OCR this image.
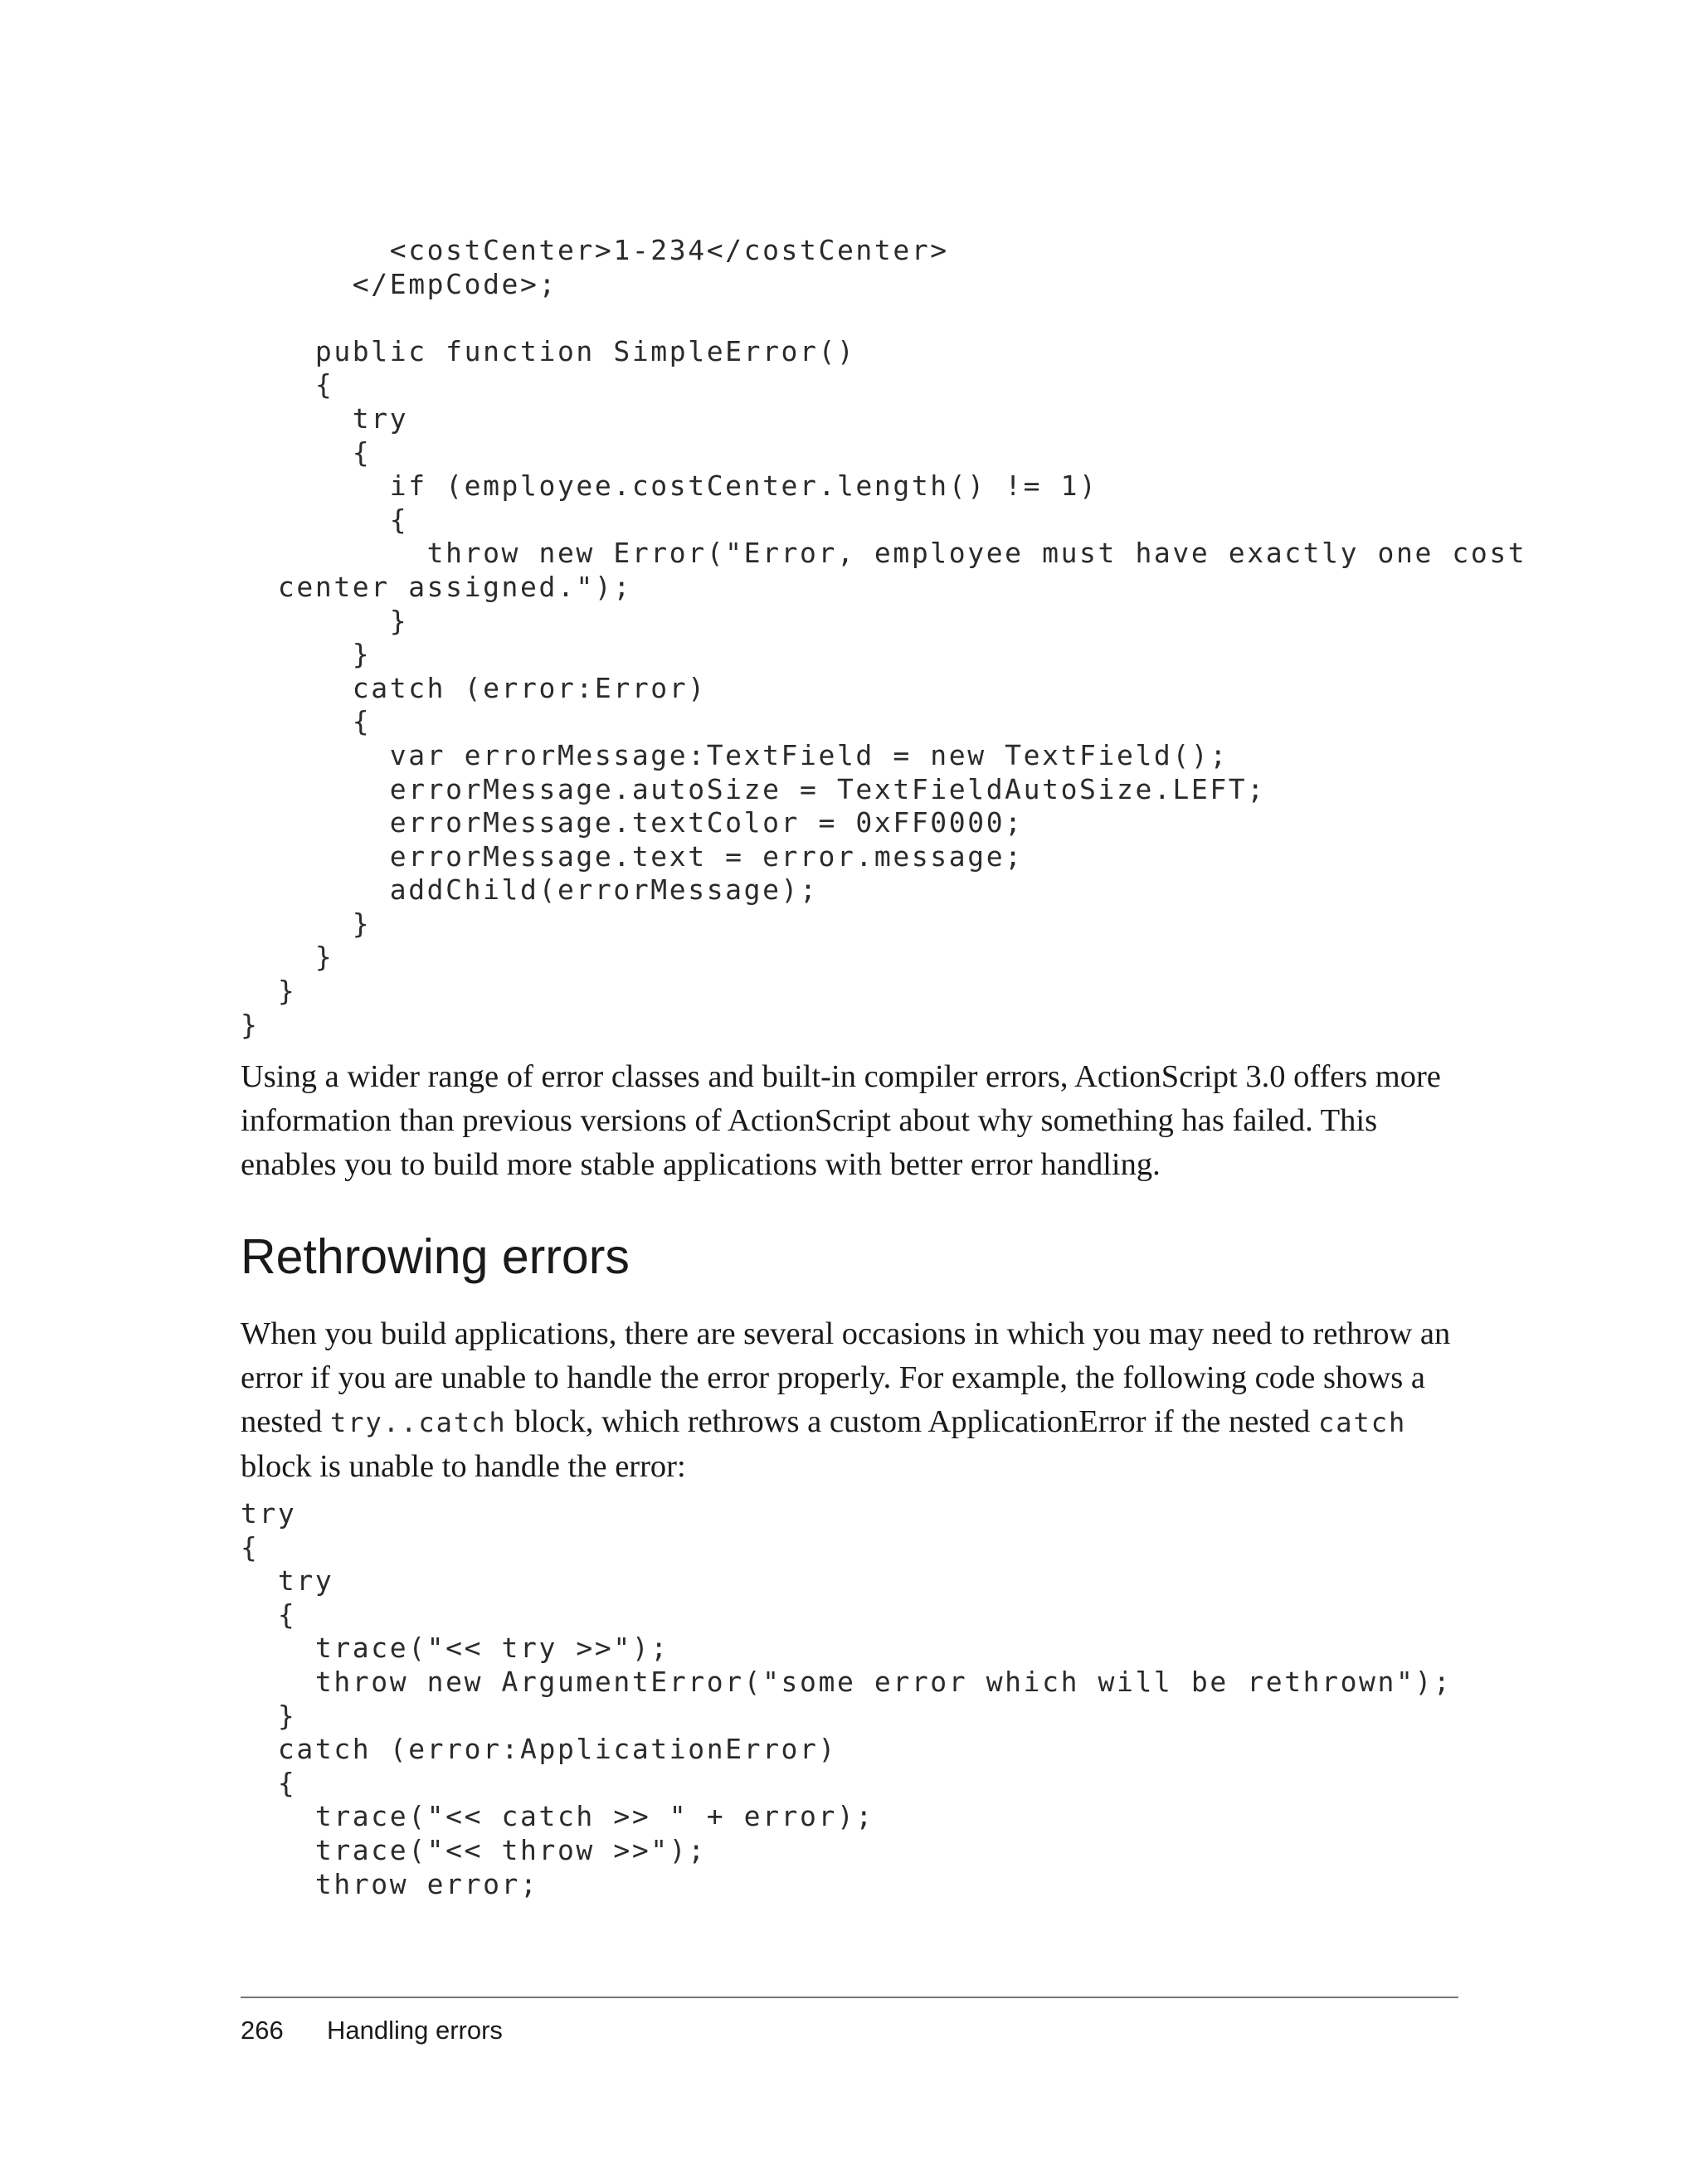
<costCenter>1-234</costCenter>
</EmpCode>;

public function SimpleError()
{
try
{
if (employee.costCenter.length() != 1)
{
throw new Error("Error, employee must have exactly one cost
center assigned.");
}
}
catch (error:Error)
{
var errorMessage:TextField = new TextField();
errorMessage.autoSize = TextFieldAutoSize.LEFT;
errorMessage.textColor = 0xFF0000;
errorMessage.text = error.message;
addChild(errorMessage);
}
}
}
}

Using a wider range of error classes and built-in compiler errors, ActionScript 3.0 offers more information than previous versions of ActionScript about why something has failed. This enables you to build more stable applications with better error handling.

Rethrowing errors

When you build applications, there are several occasions in which you may need to rethrow an error if you are unable to handle the error properly. For example, the following code shows a nested try..catch block, which rethrows a custom ApplicationError if the nested catch block is unable to handle the error:

try
{
try
{
trace("<< try >>");
throw new ArgumentError("some error which will be rethrown");
}
catch (error:ApplicationError)
{
trace("<< catch >> " + error);
trace("<< throw >>");
throw error;
266 Handling errors
